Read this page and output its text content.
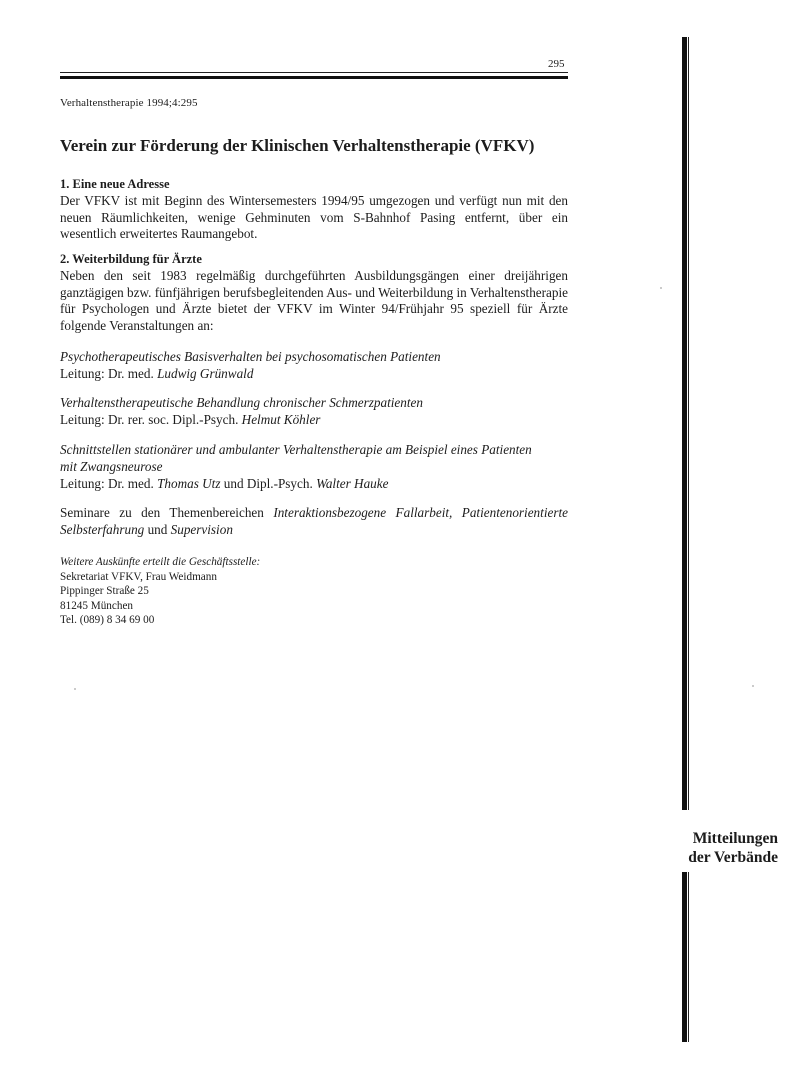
295
Verhaltenstherapie 1994;4:295
Verein zur Förderung der Klinischen Verhaltenstherapie (VFKV)
1. Eine neue Adresse

Der VFKV ist mit Beginn des Wintersemesters 1994/95 umgezogen und verfügt nun mit den neuen Räumlichkeiten, wenige Gehminuten vom S-Bahnhof Pasing entfernt, über ein wesentlich erweitertes Raumangebot.

2. Weiterbildung für Ärzte

Neben den seit 1983 regelmäßig durchgeführten Ausbildungsgängen einer dreijährigen ganztägigen bzw. fünfjährigen berufsbegleitenden Aus- und Weiterbildung in Verhaltenstherapie für Psychologen und Ärzte bietet der VFKV im Winter 94/Frühjahr 95 speziell für Ärzte folgende Veranstaltungen an:

Psychotherapeutisches Basisverhalten bei psychosomatischen Patienten

Leitung: Dr. med. Ludwig Grünwald

Verhaltenstherapeutische Behandlung chronischer Schmerzpatienten

Leitung: Dr. rer. soc. Dipl.-Psych. Helmut Köhler

Schnittstellen stationärer und ambulanter Verhaltenstherapie am Beispiel eines Patienten mit Zwangsneurose

Leitung: Dr. med. Thomas Utz und Dipl.-Psych. Walter Hauke

Seminare zu den Themenbereichen Interaktionsbezogene Fallarbeit, Patientenorientierte Selbsterfahrung und Supervision

Weitere Auskünfte erteilt die Geschäftsstelle:

Sekretariat VFKV, Frau Weidmann

Pippinger Straße 25

81245 München

Tel. (089) 8 34 69 00

Mitteilungen
der Verbände
